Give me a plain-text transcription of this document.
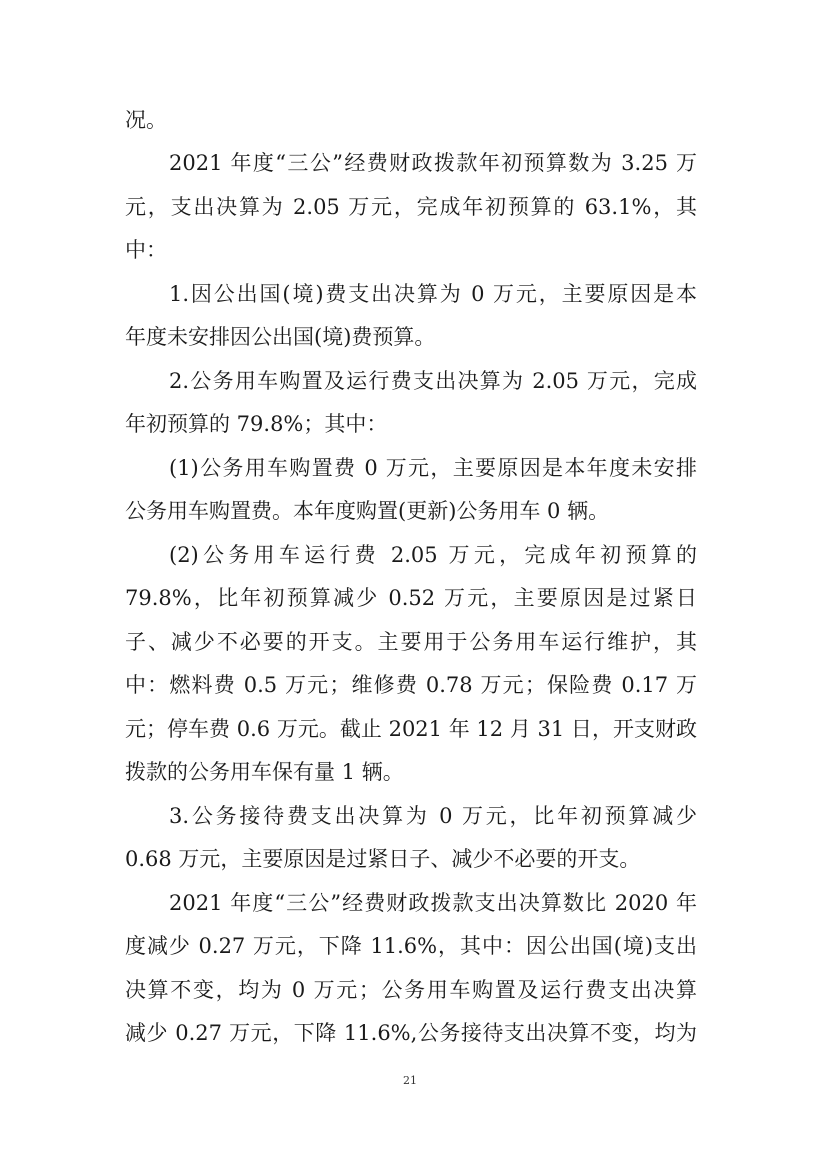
况。
2021 年度“三公”经费财政拨款年初预算数为 3.25 万
元，支出决算为 2.05 万元，完成年初预算的 63.1%，其
中：
1.因公出国(境)费支出决算为 0 万元，主要原因是本
年度未安排因公出国(境)费预算。
2.公务用车购置及运行费支出决算为 2.05 万元，完成
年初预算的 79.8%；其中：
(1)公务用车购置费 0 万元，主要原因是本年度未安排
公务用车购置费。本年度购置(更新)公务用车 0 辆。
(2)公务用车运行费 2.05 万元，完成年初预算的
79.8%，比年初预算减少 0.52 万元，主要原因是过紧日
子、减少不必要的开支。主要用于公务用车运行维护，其
中：燃料费 0.5 万元；维修费 0.78 万元；保险费 0.17 万
元；停车费 0.6 万元。截止 2021 年 12 月 31 日，开支财政
拨款的公务用车保有量 1 辆。
3.公务接待费支出决算为 0 万元，比年初预算减少
0.68 万元，主要原因是过紧日子、减少不必要的开支。
2021 年度“三公”经费财政拨款支出决算数比 2020 年
度减少 0.27 万元，下降 11.6%，其中：因公出国(境)支出
决算不变，均为 0 万元；公务用车购置及运行费支出决算
减少 0.27 万元，下降 11.6%,公务接待支出决算不变，均为
21
